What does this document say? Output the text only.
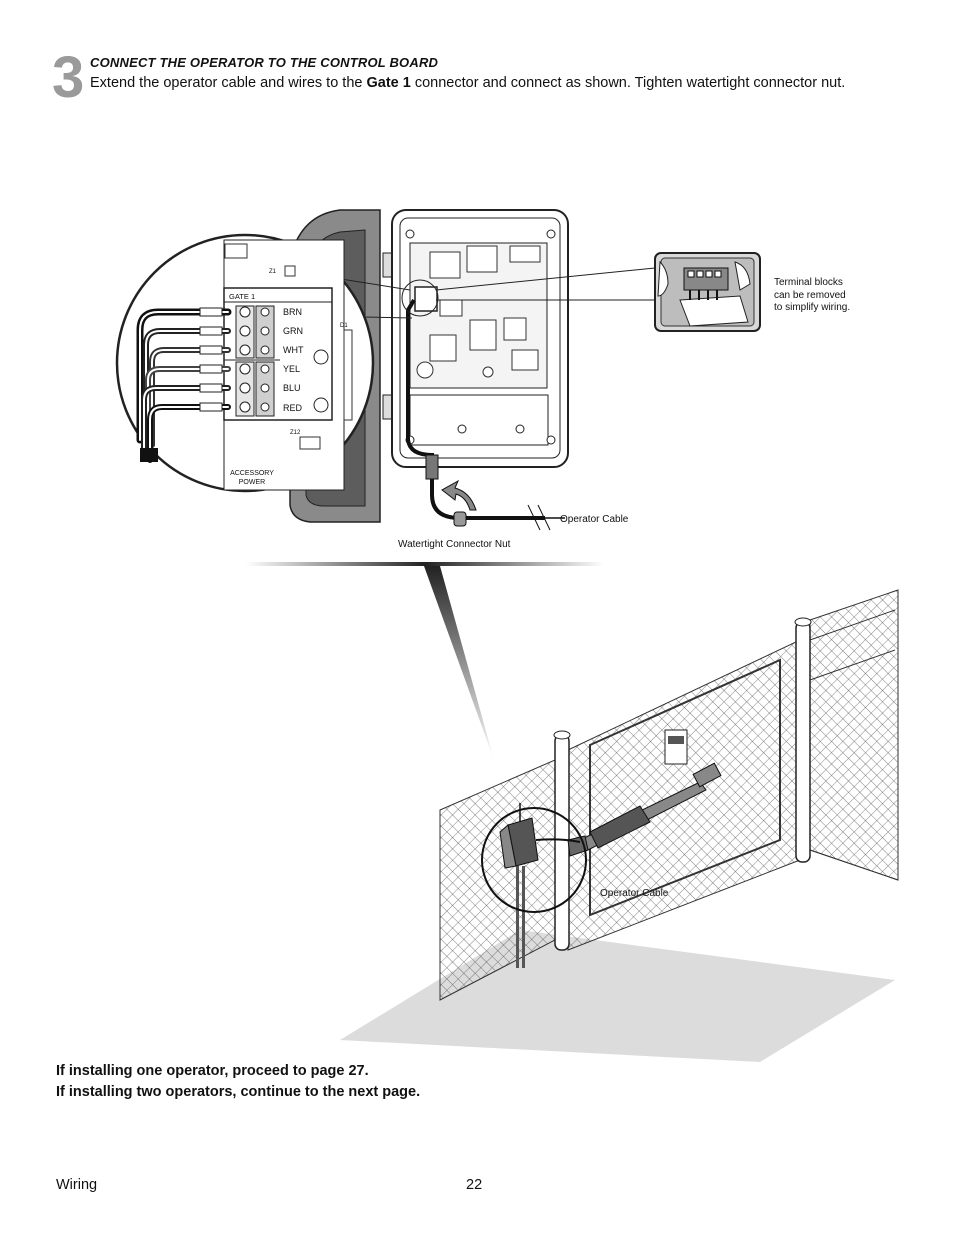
3 CONNECT THE OPERATOR TO THE CONTROL BOARD
Extend the operator cable and wires to the Gate 1 connector and connect as shown. Tighten watertight connector nut.
GATE 1
Z1
Z12
D1
ACCESSORY
POWER
BRN
GRN
WHT
YEL
BLU
RED
Terminal blocks
can be removed
to simplify wiring.
Operator Cable
Watertight Connector Nut
Operator Cable
If installing one operator, proceed to page 27.
If installing two operators, continue to the next page.
Wiring	22
